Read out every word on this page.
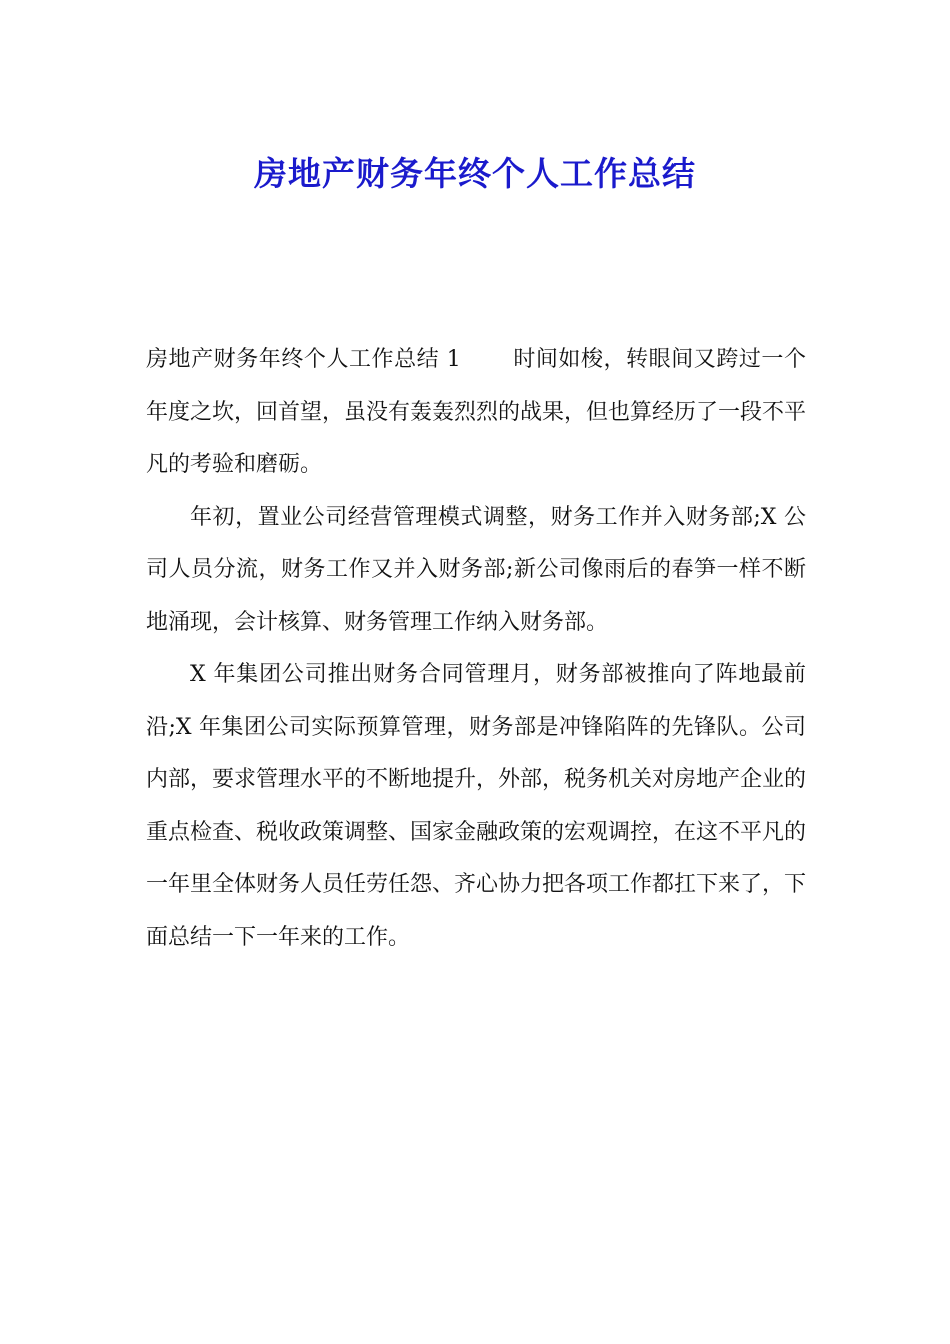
房地产财务年终个人工作总结

房地产财务年终个人工作总结 1 时间如梭，转眼间又跨过一个年度之坎，回首望，虽没有轰轰烈烈的战果，但也算经历了一段不平凡的考验和磨砺。

年初，置业公司经营管理模式调整，财务工作并入财务部;X 公司人员分流，财务工作又并入财务部;新公司像雨后的春笋一样不断地涌现，会计核算、财务管理工作纳入财务部。

X 年集团公司推出财务合同管理月，财务部被推向了阵地最前沿;X 年集团公司实际预算管理，财务部是冲锋陷阵的先锋队。公司内部，要求管理水平的不断地提升，外部，税务机关对房地产企业的重点检查、税收政策调整、国家金融政策的宏观调控，在这不平凡的一年里全体财务人员任劳任怨、齐心协力把各项工作都扛下来了，下面总结一下一年来的工作。
